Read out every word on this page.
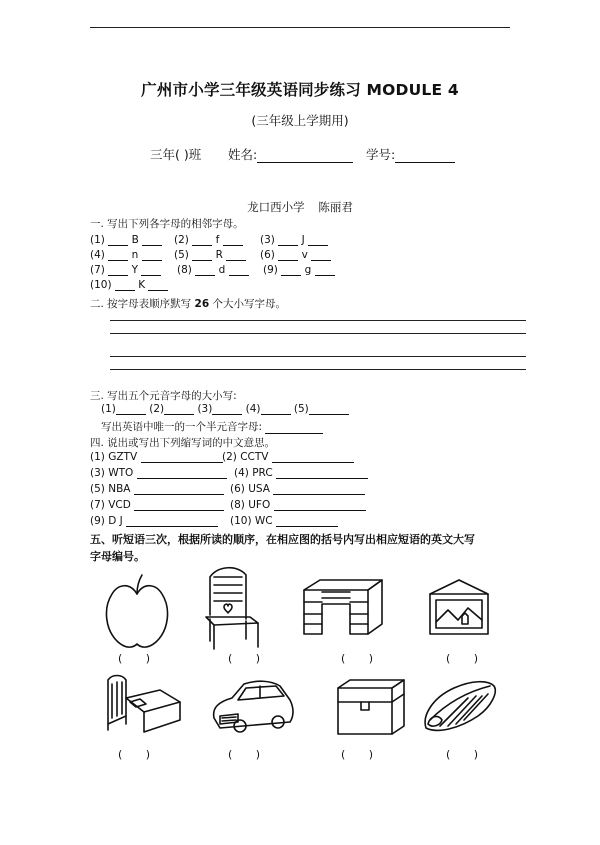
广州市小学三年级英语同步练习 MODULE 4
(三年级上学期用)
三年( )班 姓名:	学号:
龙口西小学 陈丽君
一. 写出下列各字母的相邻字母。
(1)	B	(2)	f	(3)	J
(4)	n	(5)	R	(6)	v
(7)	Y	(8)	d	(9)	g
(10)	K
二. 按字母表顺序默写 26 个大小写字母。
三. 写出五个元音字母的大小写:
(1)	(2)	(3)	(4)	(5)
写出英语中唯一的一个半元音字母:
四. 说出或写出下列缩写词的中文意思。
(1) GZTV	(2) CCTV
(3) WTO	(4) PRC
(5) NBA	(6) USA
(7) VCD	(8) UFO
(9) D J	(10) WC
五、听短语三次，根据所读的顺序，在相应图的括号内写出相应短语的英文大写
字母编号。
( )	( )	( )	( )
( )	( )	( )	( )
